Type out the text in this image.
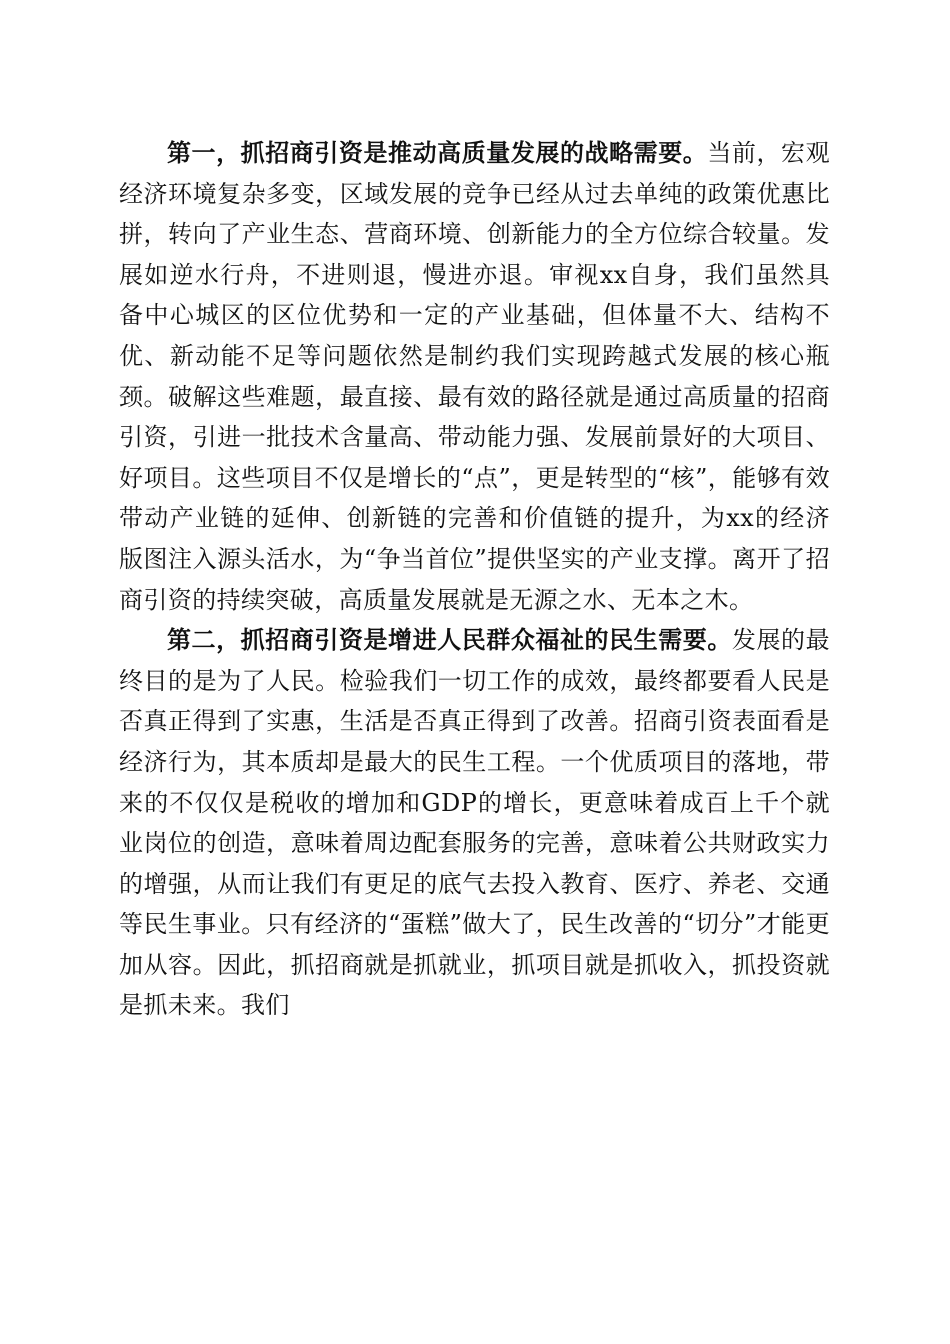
第一，抓招商引资是推动高质量发展的战略需要。当前，宏观经济环境复杂多变，区域发展的竞争已经从过去单纯的政策优惠比拼，转向了产业生态、营商环境、创新能力的全方位综合较量。发展如逆水行舟，不进则退，慢进亦退。审视xx自身，我们虽然具备中心城区的区位优势和一定的产业基础，但体量不大、结构不优、新动能不足等问题依然是制约我们实现跨越式发展的核心瓶颈。破解这些难题，最直接、最有效的路径就是通过高质量的招商引资，引进一批技术含量高、带动能力强、发展前景好的大项目、好项目。这些项目不仅是增长的“点”，更是转型的“核”，能够有效带动产业链的延伸、创新链的完善和价值链的提升，为xx的经济版图注入源头活水，为“争当首位”提供坚实的产业支撑。离开了招商引资的持续突破，高质量发展就是无源之水、无本之木。

第二，抓招商引资是增进人民群众福祉的民生需要。发展的最终目的是为了人民。检验我们一切工作的成效，最终都要看人民是否真正得到了实惠，生活是否真正得到了改善。招商引资表面看是经济行为，其本质却是最大的民生工程。一个优质项目的落地，带来的不仅仅是税收的增加和GDP的增长，更意味着成百上千个就业岗位的创造，意味着周边配套服务的完善，意味着公共财政实力的增强，从而让我们有更足的底气去投入教育、医疗、养老、交通等民生事业。只有经济的“蛋糕”做大了，民生改善的“切分”才能更加从容。因此，抓招商就是抓就业，抓项目就是抓收入，抓投资就是抓未来。我们
